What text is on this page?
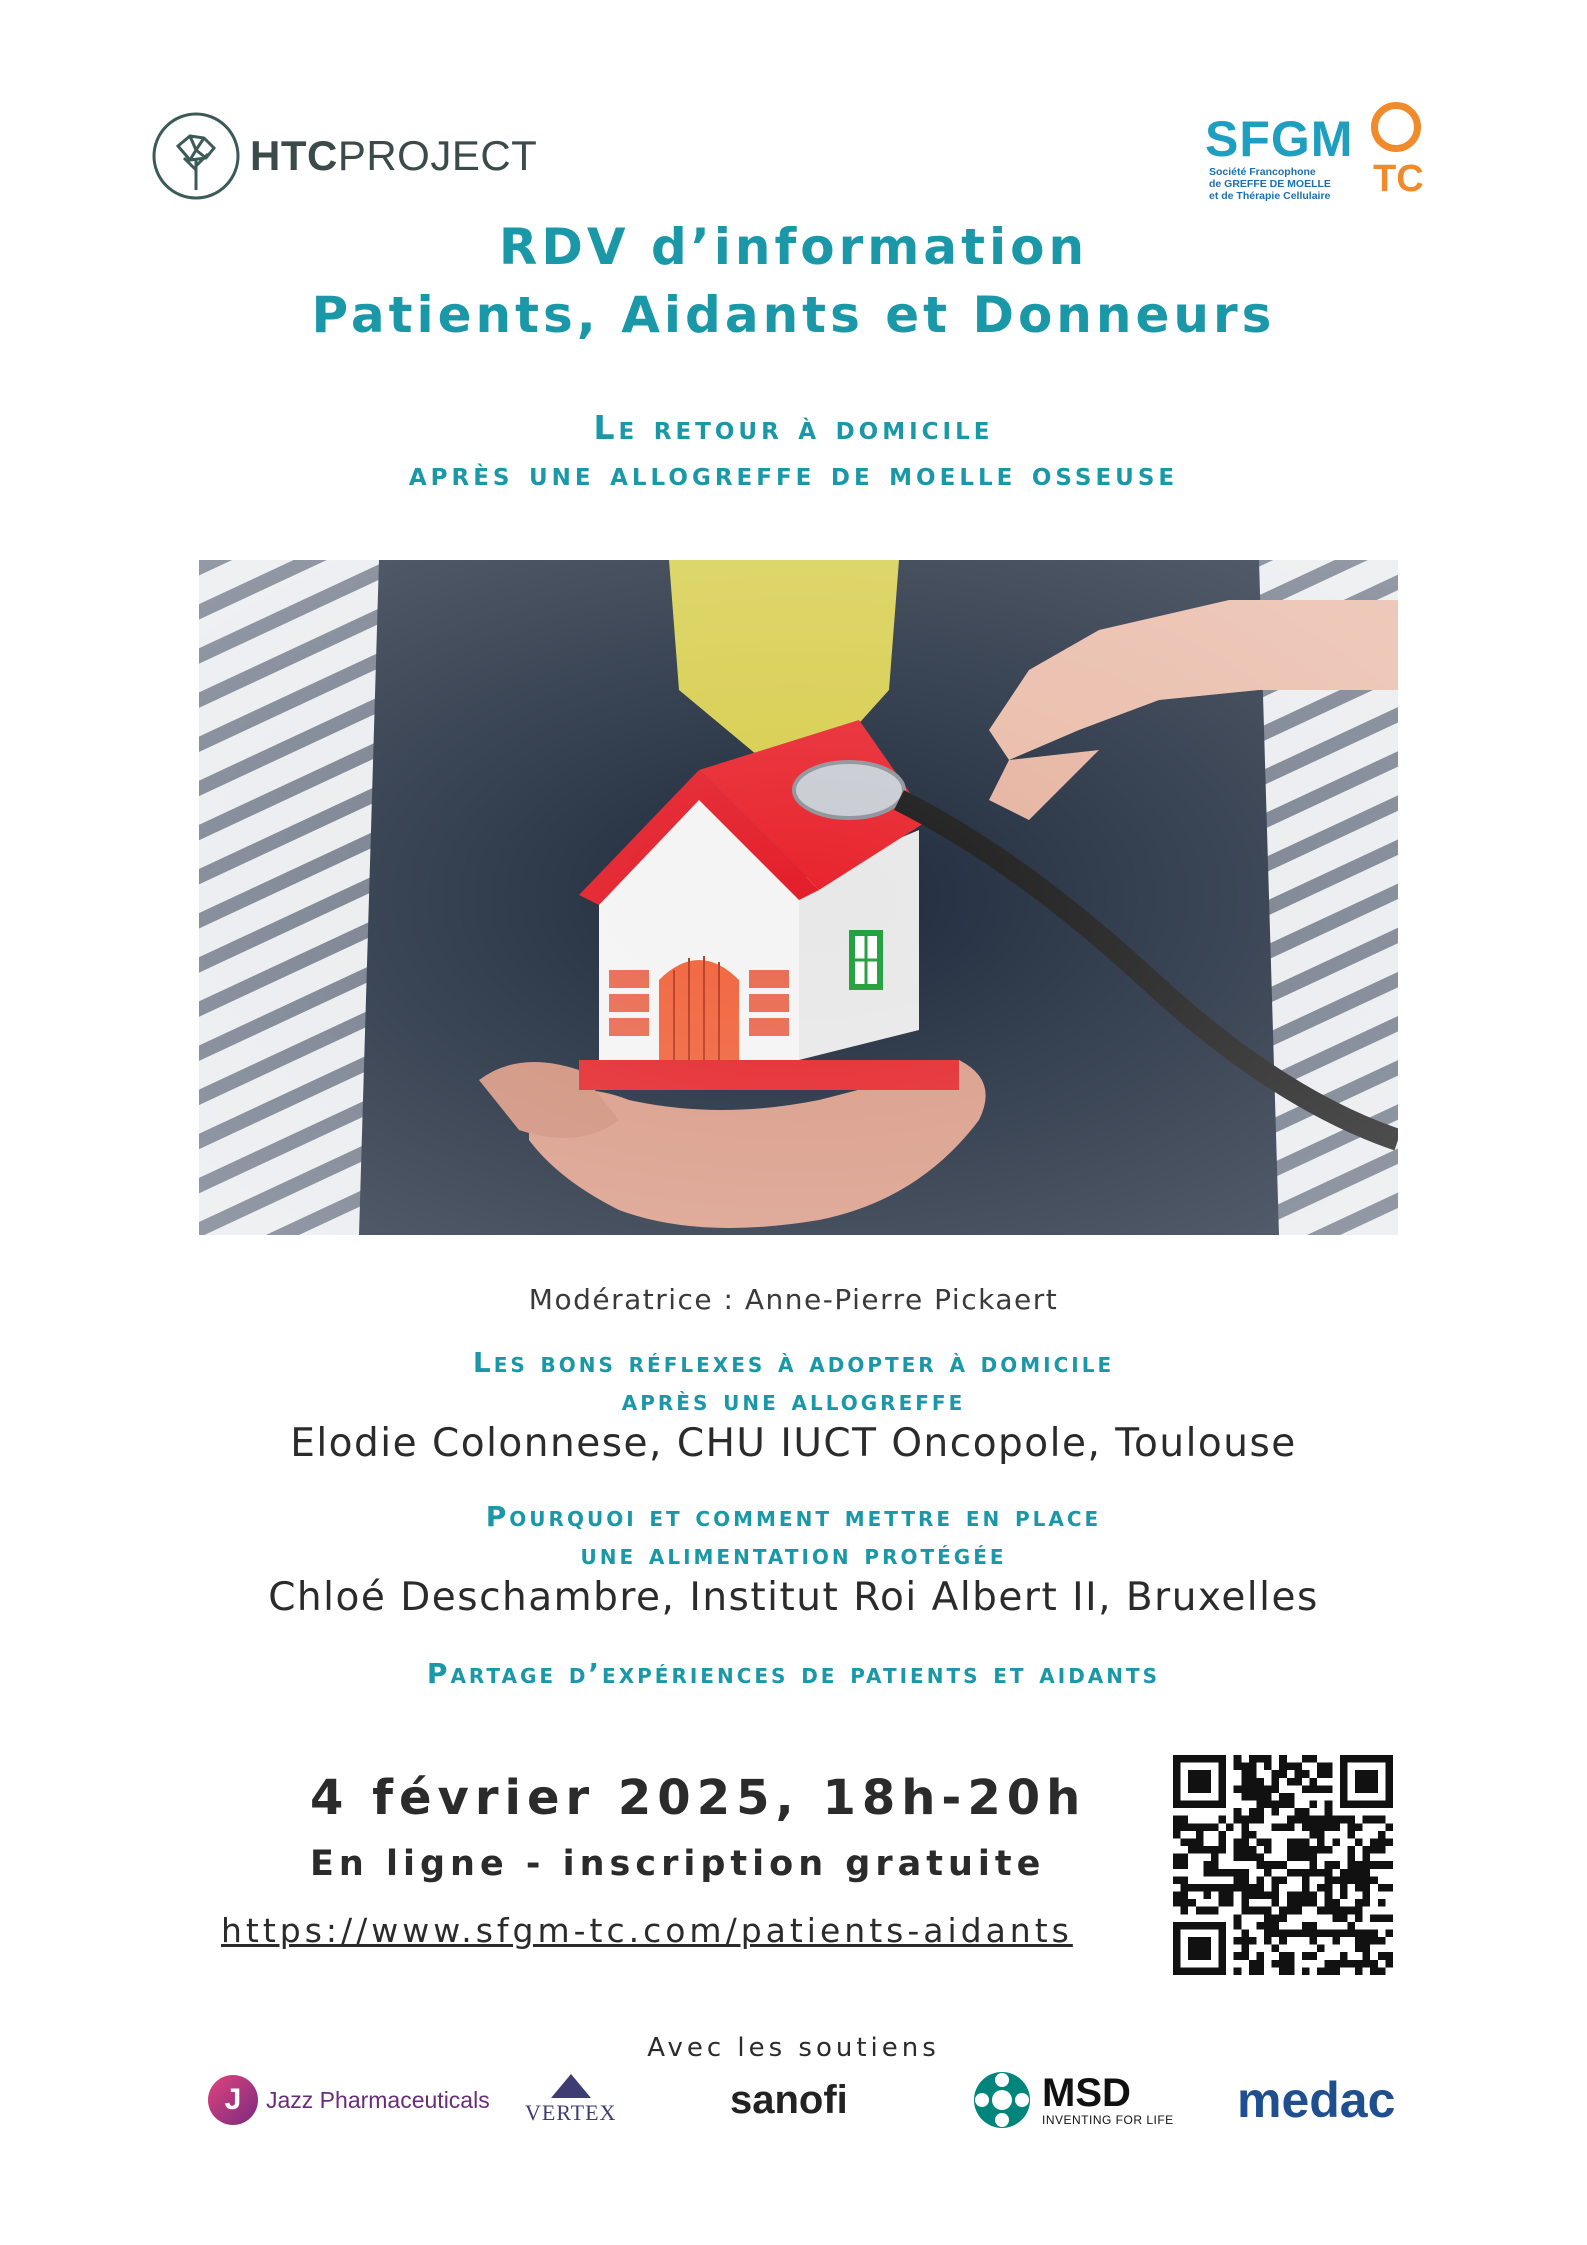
HTCPROJECT	SFGM
Société Francophone
de GREFFE DE MOELLE
et de Thérapie Cellulaire TC
RDV d’information
Patients, Aidants et Donneurs
Le retour à domicile
après une allogreffe de moelle osseuse
Modératrice : Anne-Pierre Pickaert
Les bons réflexes à adopter à domicile
après une allogreffe
Elodie Colonnese, CHU IUCT Oncopole, Toulouse
Pourquoi et comment mettre en place
une alimentation protégée
Chloé Deschambre, Institut Roi Albert II, Bruxelles
Partage d’expériences de patients et aidants
4 février 2025, 18h-20h
En ligne - inscription gratuite
https://www.sfgm-tc.com/patients-aidants
Avec les soutiens
J	Jazz Pharmaceuticals VERTEX	sanofi	MSD
INVENTING FOR LIFE medac
